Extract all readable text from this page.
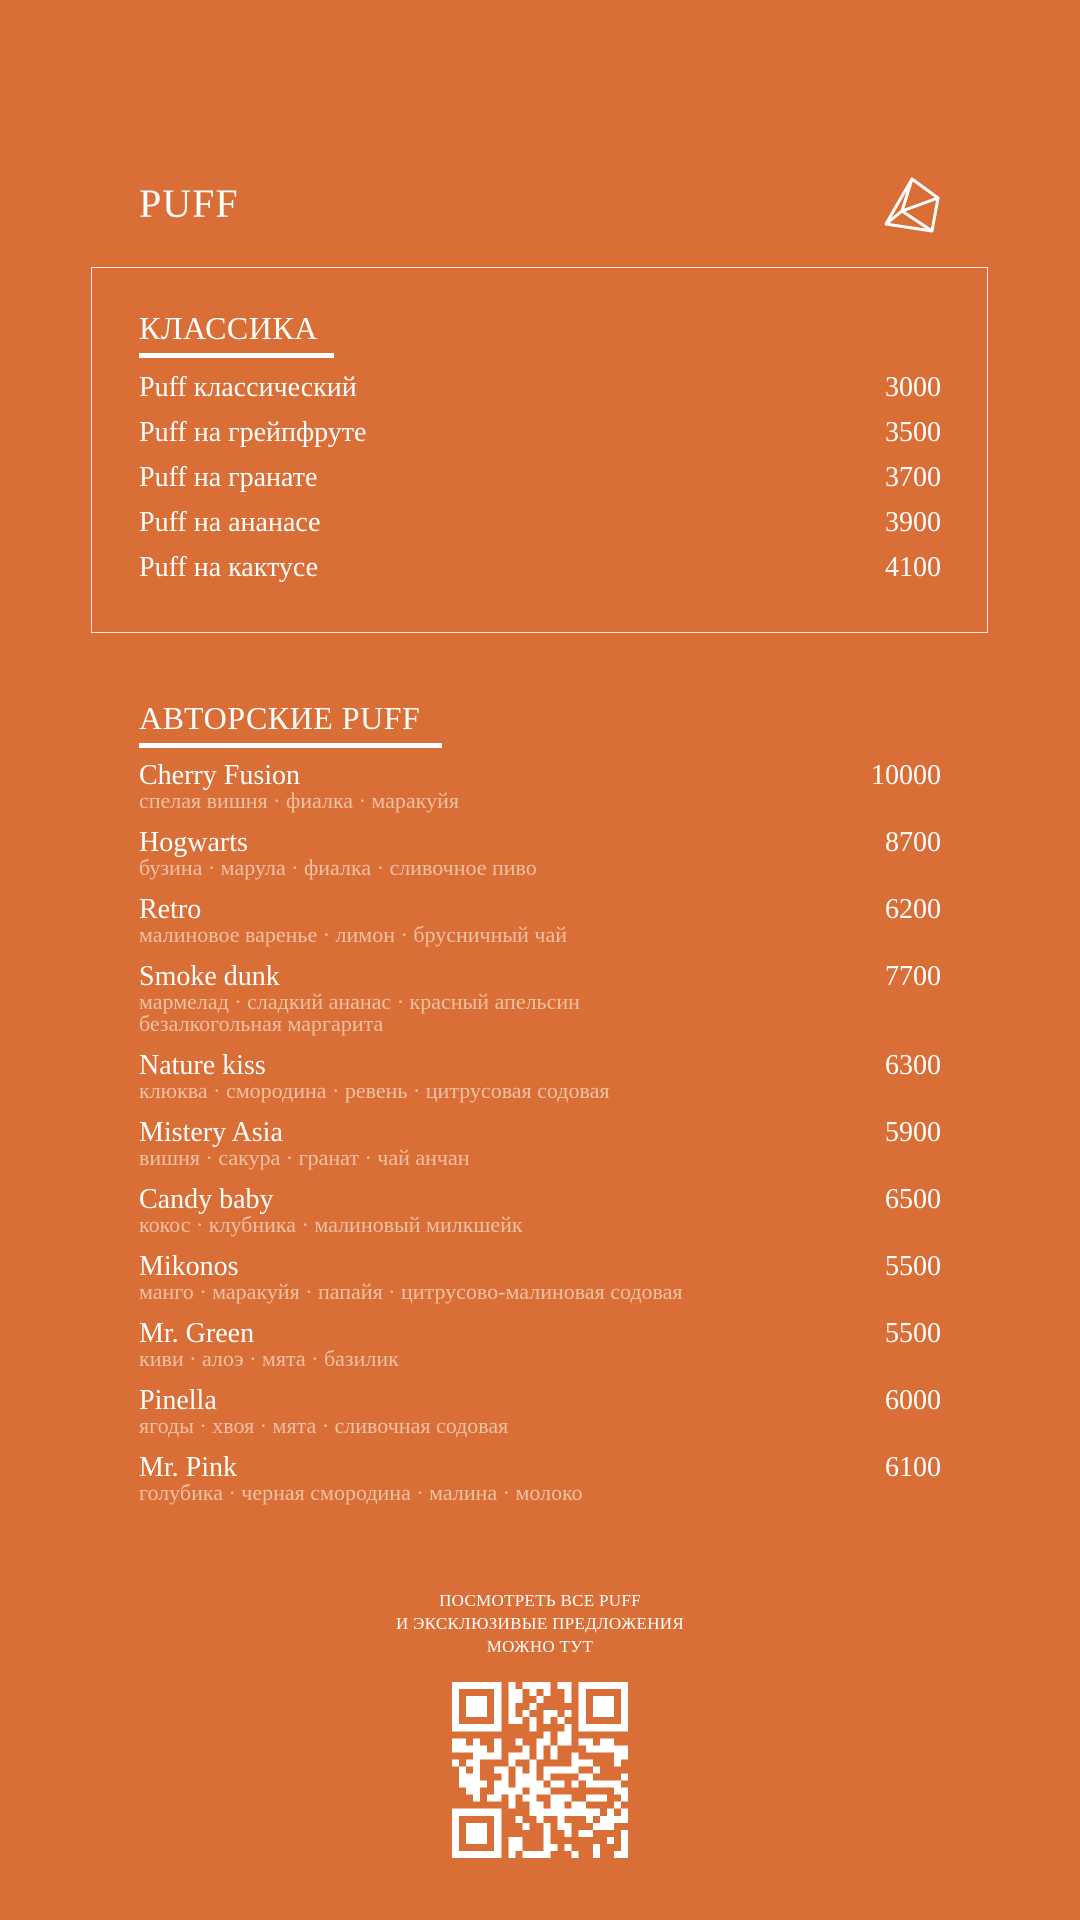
PUFF
КЛАССИКА
Puff классический	3000
Puff на грейпфруте	3500
Puff на гранате	3700
Puff на ананасе	3900
Puff на кактусе	4100
АВТОРСКИЕ PUFF
Cherry Fusion	10000
спелая вишня · фиалка · маракуйя
Hogwarts	8700
бузина · марула · фиалка · сливочное пиво
Retro	6200
малиновое варенье · лимон · брусничный чай
Smoke dunk	7700
мармелад · сладкий ананас · красный апельсин
безалкогольная маргарита
Nature kiss	6300
клюква · смородина · ревень · цитрусовая содовая
Mistery Asia	5900
вишня · сакура · гранат · чай анчан
Candy baby	6500
кокос · клубника · малиновый милкшейк
Mikonos	5500
манго · маракуйя · папайя · цитрусово-малиновая содовая
Mr. Green	5500
киви · алоэ · мята · базилик
Pinella	6000
ягоды · хвоя · мята · сливочная содовая
Mr. Pink	6100
голубика · черная смородина · малина · молоко
ПОСМОТРЕТЬ ВСЕ PUFF
И ЭКСКЛЮЗИВЫЕ ПРЕДЛОЖЕНИЯ
МОЖНО ТУТ
